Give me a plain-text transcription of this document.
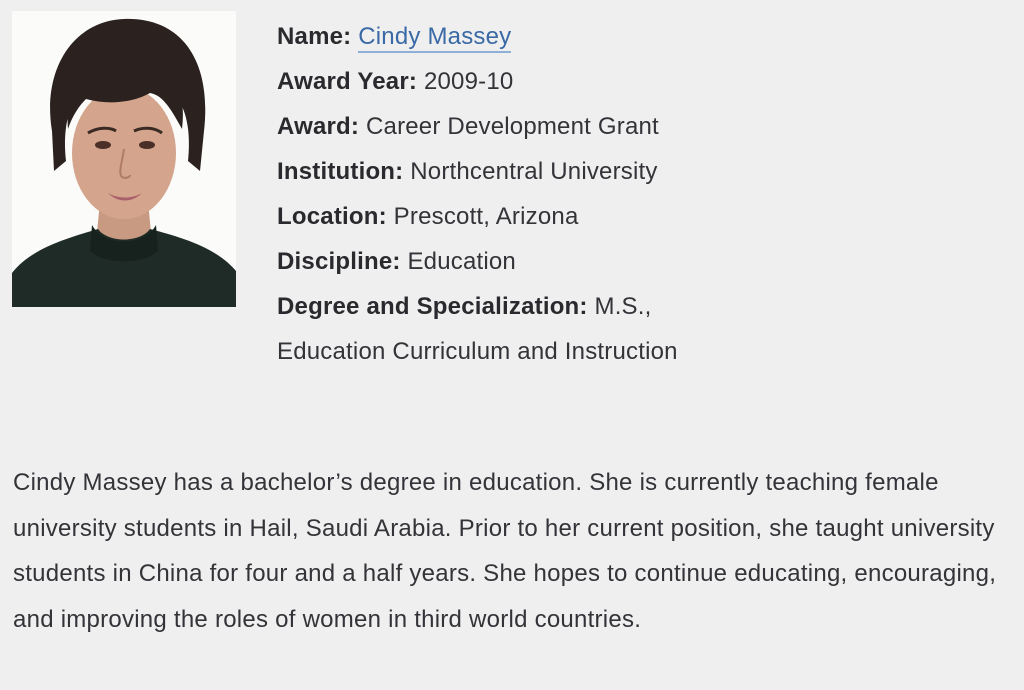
Name: Cindy Massey

Award Year: 2009-10

Award: Career Development Grant

Institution: Northcentral University

Location: Prescott, Arizona

Discipline: Education

Degree and Specialization: M.S., Education Curriculum and Instruction

Cindy Massey has a bachelor’s degree in education. She is currently teaching female university students in Hail, Saudi Arabia. Prior to her current position, she taught university students in China for four and a half years. She hopes to continue educating, encouraging, and improving the roles of women in third world countries.
